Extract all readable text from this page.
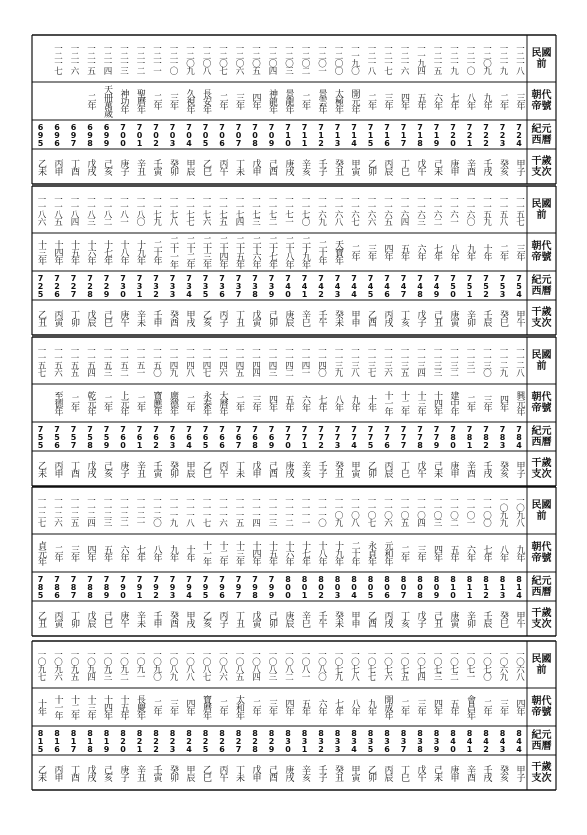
民國前
一二一八
一二一九
一二〇九
一二一〇
一二一九
一二一五
一一九四
一二一六
一二一七
一二一八
一一九〇
一二〇〇
一二〇一
一二〇二
一二〇三
一二〇四
一二〇五
一二〇六
一二〇七
一二〇八
一二〇九
一二一〇
一二一一
一二一二
一二一三
一二一四
一二一五
一二一六
一二一七
朝代帝號
三年
二年
九年
八年
七年
六年
五年
四年
三年
二年
開元年
太極年
景雲年
二年
景龍年
神龍年
四年
三年
二年
長安年
久視年
三年
二年
聖曆年
神功年
天冊萬歲
二年
紀元西曆
724
723
722
721
720
719
718
717
716
715
714
713
712
711
710
709
708
707
706
705
704
703
702
701
700
699
698
697
696
695
干歲支次
甲子
癸亥
壬戌
辛酉
庚申
己未
戊午
丁巳
丙辰
乙卯
甲寅
癸丑
壬子
辛亥
庚戌
己酉
戊申
丁未
丙午
乙巳
甲辰
癸卯
壬寅
辛丑
庚子
己亥
戊戌
丁酉
丙申
乙未
民國前
一一五七
一一五八
一一五九
一一六〇
一一六一
一一六二
一一六三
一一六四
一一六五
一一六六
一一六七
一一六八
一一六九
一一七〇
一一七一
一一七二
一一七三
一一七四
一一七五
一一七六
一一七七
一一七八
一一七九
一一八〇
一一八一
一一八二
一一八三
一一八四
一一八五
一一八六
朝代帝號
三年
二年
十年
九年
八年
七年
六年
五年
四年
三年
二年
天寶年
二十年
二十九年
二十八年
二十七年
二十六年
二十五年
二十四年
二十三年
二十二年
二十一年
二十年
十九年
十八年
十七年
十六年
十五年
十四年
十三年
紀元西曆
754
753
752
751
750
749
748
747
746
745
744
743
742
741
740
739
738
737
736
735
734
733
732
731
730
729
728
727
726
725
干歲支次
甲午
癸巳
壬辰
辛卯
庚寅
己丑
戊子
丁亥
丙戌
乙酉
甲申
癸未
壬午
辛巳
庚辰
己卯
戊寅
丁丑
丙子
乙亥
甲戌
癸酉
壬申
辛未
庚午
己巳
戊辰
丁卯
丙寅
乙丑
民國前
一一二八
一一二九
一一三〇
一一三一
一一三二
一一三三
一一三四
一一三五
一一三六
一一三七
一一三八
一一三九
一一四〇
一一四一
一一四二
一一四三
一一四四
一一四五
一一四六
一一四七
一一四八
一一四九
一一五〇
一一五一
一一五二
一一五三
一一五四
一一五五
一一五六
一一五七
朝代帝號
興元年
四年
三年
二年
建中年
十四年
十三年
十二年
十一年
十年
九年
八年
七年
六年
五年
四年
三年
二年
大曆年
永泰年
二年
廣德年
寶應年
二年
上元年
二年
乾元年
二年
至德年
紀元西曆
784
783
782
781
780
779
778
777
776
775
774
773
772
771
770
769
768
767
766
765
764
763
762
761
760
759
758
757
756
755
干歲支次
甲子
癸亥
壬戌
辛酉
庚申
己未
戊午
丁巳
丙辰
乙卯
甲寅
癸丑
壬子
辛亥
庚戌
己酉
戊申
丁未
丙午
乙巳
甲辰
癸卯
壬寅
辛丑
庚子
己亥
戊戌
丁酉
丙申
乙未
民國前
一〇九八
一〇九九
一一〇〇
一一〇一
一一〇二
一一〇三
一一〇四
一一〇五
一一〇六
一一〇七
一一〇八
一一〇九
一一一〇
一一一一
一一一二
一一一三
一一一四
一一一五
一一一六
一一一七
一一一八
一一一九
一一二〇
一一二一
一一二二
一一二三
一一二四
一一二五
一一二六
一一二七
朝代帝號
九年
八年
七年
六年
五年
四年
三年
二年
元和年
永貞年
二十年
十九年
十八年
十七年
十六年
十五年
十四年
十三年
十二年
十一年
十年
九年
八年
七年
六年
五年
四年
三年
二年
貞元年
紀元西曆
814
813
812
811
810
809
808
807
806
805
804
803
802
801
800
799
798
797
796
795
794
793
792
791
790
789
788
787
786
785
干歲支次
甲午
癸巳
壬辰
辛卯
庚寅
己丑
戊子
丁亥
丙戌
乙酉
甲申
癸未
壬午
辛巳
庚辰
己卯
戊寅
丁丑
丙子
乙亥
甲戌
癸酉
壬申
辛未
庚午
己巳
戊辰
丁卯
丙寅
乙丑
民國前
一〇六八
一〇六九
一〇七〇
一〇七一
一〇七二
一〇七三
一〇七四
一〇七五
一〇七六
一〇七七
一〇七八
一〇七九
一〇八〇
一〇八一
一〇八二
一〇八三
一〇八四
一〇八五
一〇八六
一〇八七
一〇八八
一〇八九
一〇九〇
一〇九一
一〇九二
一〇九三
一〇九四
一〇九五
一〇九六
一〇九七
朝代帝號
四年
三年
二年
會昌年
五年
四年
三年
二年
開成年
九年
八年
七年
六年
五年
四年
三年
二年
太和年
二年
寶曆年
四年
三年
二年
長慶年
十五年
十四年
十三年
十二年
十一年
十年
紀元西曆
844
843
842
841
840
839
838
837
836
835
834
833
832
831
830
829
828
827
826
825
824
823
822
821
820
819
818
817
816
815
干歲支次
甲子
癸亥
壬戌
辛酉
庚申
己未
戊午
丁巳
丙辰
乙卯
甲寅
癸丑
壬子
辛亥
庚戌
己酉
戊申
丁未
丙午
乙巳
甲辰
癸卯
壬寅
辛丑
庚子
己亥
戊戌
丁酉
丙申
乙未
